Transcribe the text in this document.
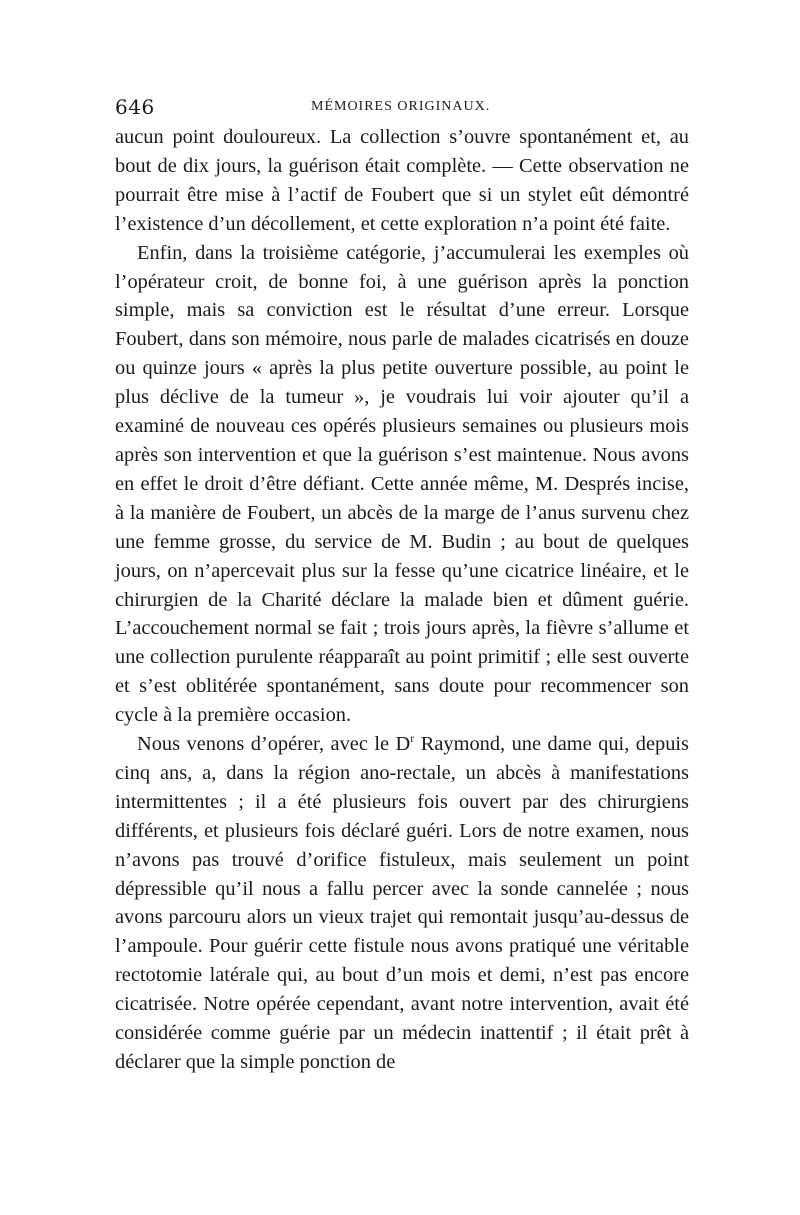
646	MÉMOIRES ORIGINAUX.

aucun point douloureux. La collection s’ouvre spontanément et, au bout de dix jours, la guérison était complète. — Cette observation ne pourrait être mise à l’actif de Foubert que si un stylet eût démontré l’existence d’un décollement, et cette exploration n’a point été faite.

Enfin, dans la troisième catégorie, j’accumulerai les exemples où l’opérateur croit, de bonne foi, à une guérison après la ponction simple, mais sa conviction est le résultat d’une erreur. Lorsque Foubert, dans son mémoire, nous parle de malades cicatrisés en douze ou quinze jours « après la plus petite ouverture possible, au point le plus déclive de la tumeur », je voudrais lui voir ajouter qu’il a examiné de nouveau ces opérés plusieurs semaines ou plusieurs mois après son intervention et que la guérison s’est maintenue. Nous avons en effet le droit d’être défiant. Cette année même, M. Després incise, à la manière de Foubert, un abcès de la marge de l’anus survenu chez une femme grosse, du service de M. Budin ; au bout de quelques jours, on n’apercevait plus sur la fesse qu’une cicatrice linéaire, et le chirurgien de la Charité déclare la malade bien et dûment guérie. L’accouchement normal se fait ; trois jours après, la fièvre s’allume et une collection purulente réapparaît au point primitif ; elle sest ouverte et s’est oblitérée spontanément, sans doute pour recommencer son cycle à la première occasion.

Nous venons d’opérer, avec le $D^r$ Raymond, une dame qui, depuis cinq ans, a, dans la région ano-rectale, un abcès à manifestations intermittentes ; il a été plusieurs fois ouvert par des chirurgiens différents, et plusieurs fois déclaré guéri. Lors de notre examen, nous n’avons pas trouvé d’orifice fistuleux, mais seulement un point dépressible qu’il nous a fallu percer avec la sonde cannelée ; nous avons parcouru alors un vieux trajet qui remontait jusqu’au-dessus de l’ampoule. Pour guérir cette fistule nous avons pratiqué une véritable rectotomie latérale qui, au bout d’un mois et demi, n’est pas encore cicatrisée. Notre opérée cependant, avant notre intervention, avait été considérée comme guérie par un médecin inattentif ; il était prêt à déclarer que la simple ponction de
